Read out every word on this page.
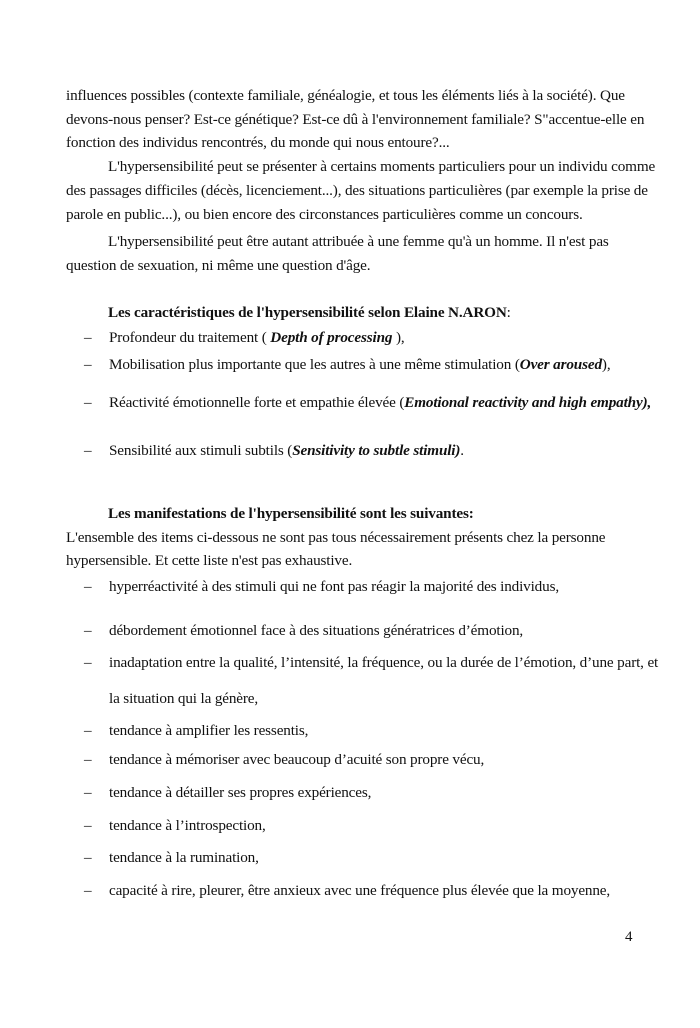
influences possibles (contexte familiale, généalogie, et tous les éléments liés à la société). Que
devons-nous penser? Est-ce génétique? Est-ce dû à l'environnement familiale? S"accentue-elle en
fonction des individus rencontrés, du monde qui nous entoure?...
L'hypersensibilité peut se présenter à certains moments particuliers pour un individu comme
des passages difficiles (décès, licenciement...), des situations particulières (par exemple la prise de
parole en public...), ou bien encore des circonstances particulières comme un concours.
L'hypersensibilité peut être autant attribuée à une femme qu'à un homme. Il n'est pas
question de sexuation, ni même une question d'âge.
Les caractéristiques de l'hypersensibilité selon Elaine N.ARON:
– Profondeur du traitement ( Depth of processing ),
– Mobilisation plus importante que les autres à une même stimulation (Over aroused),
– Réactivité émotionnelle forte et empathie élevée (Emotional reactivity and high empathy),
– Sensibilité aux stimuli subtils (Sensitivity to subtle stimuli).
Les manifestations de l'hypersensibilité sont les suivantes:
L'ensemble des items ci-dessous ne sont pas tous nécessairement présents chez la personne
hypersensible. Et cette liste n'est pas exhaustive.
– hyperréactivité à des stimuli qui ne font pas réagir la majorité des individus,
– débordement émotionnel face à des situations génératrices d’émotion,
– inadaptation entre la qualité, l’intensité, la fréquence, ou la durée de l’émotion, d’une part, et
la situation qui la génère,
– tendance à amplifier les ressentis,
– tendance à mémoriser avec beaucoup d’acuité son propre vécu,
– tendance à détailler ses propres expériences,
– tendance à l’introspection,
– tendance à la rumination,
– capacité à rire, pleurer, être anxieux avec une fréquence plus élevée que la moyenne,
4
